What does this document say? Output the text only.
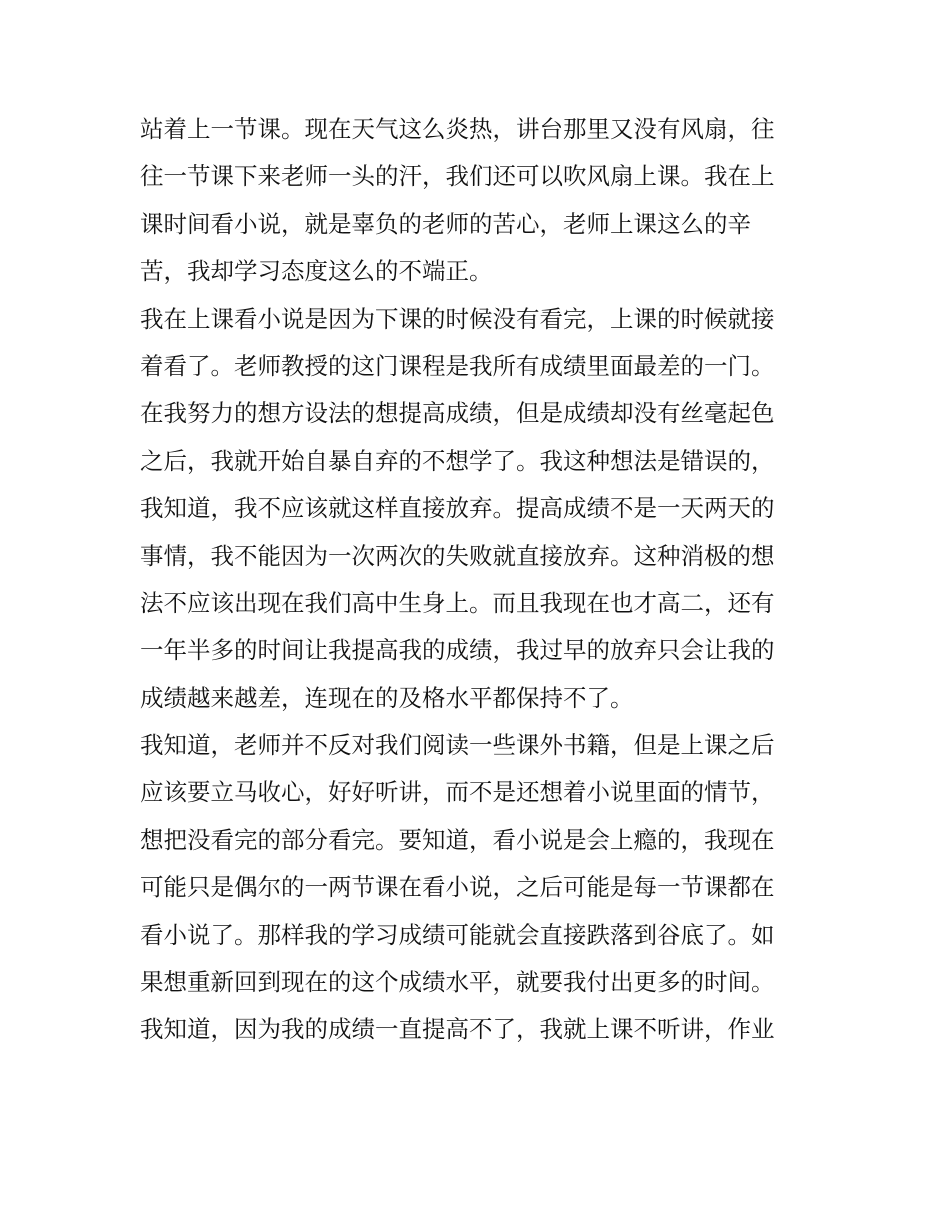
站着上一节课。现在天气这么炎热，讲台那里又没有风扇，往
往一节课下来老师一头的汗，我们还可以吹风扇上课。我在上
课时间看小说，就是辜负的老师的苦心，老师上课这么的辛
苦，我却学习态度这么的不端正。
我在上课看小说是因为下课的时候没有看完，上课的时候就接
着看了。老师教授的这门课程是我所有成绩里面最差的一门。
在我努力的想方设法的想提高成绩，但是成绩却没有丝毫起色
之后，我就开始自暴自弃的不想学了。我这种想法是错误的，
我知道，我不应该就这样直接放弃。提高成绩不是一天两天的
事情，我不能因为一次两次的失败就直接放弃。这种消极的想
法不应该出现在我们高中生身上。而且我现在也才高二，还有
一年半多的时间让我提高我的成绩，我过早的放弃只会让我的
成绩越来越差，连现在的及格水平都保持不了。
我知道，老师并不反对我们阅读一些课外书籍，但是上课之后
应该要立马收心，好好听讲，而不是还想着小说里面的情节，
想把没看完的部分看完。要知道，看小说是会上瘾的，我现在
可能只是偶尔的一两节课在看小说，之后可能是每一节课都在
看小说了。那样我的学习成绩可能就会直接跌落到谷底了。如
果想重新回到现在的这个成绩水平，就要我付出更多的时间。
我知道，因为我的成绩一直提高不了，我就上课不听讲，作业
